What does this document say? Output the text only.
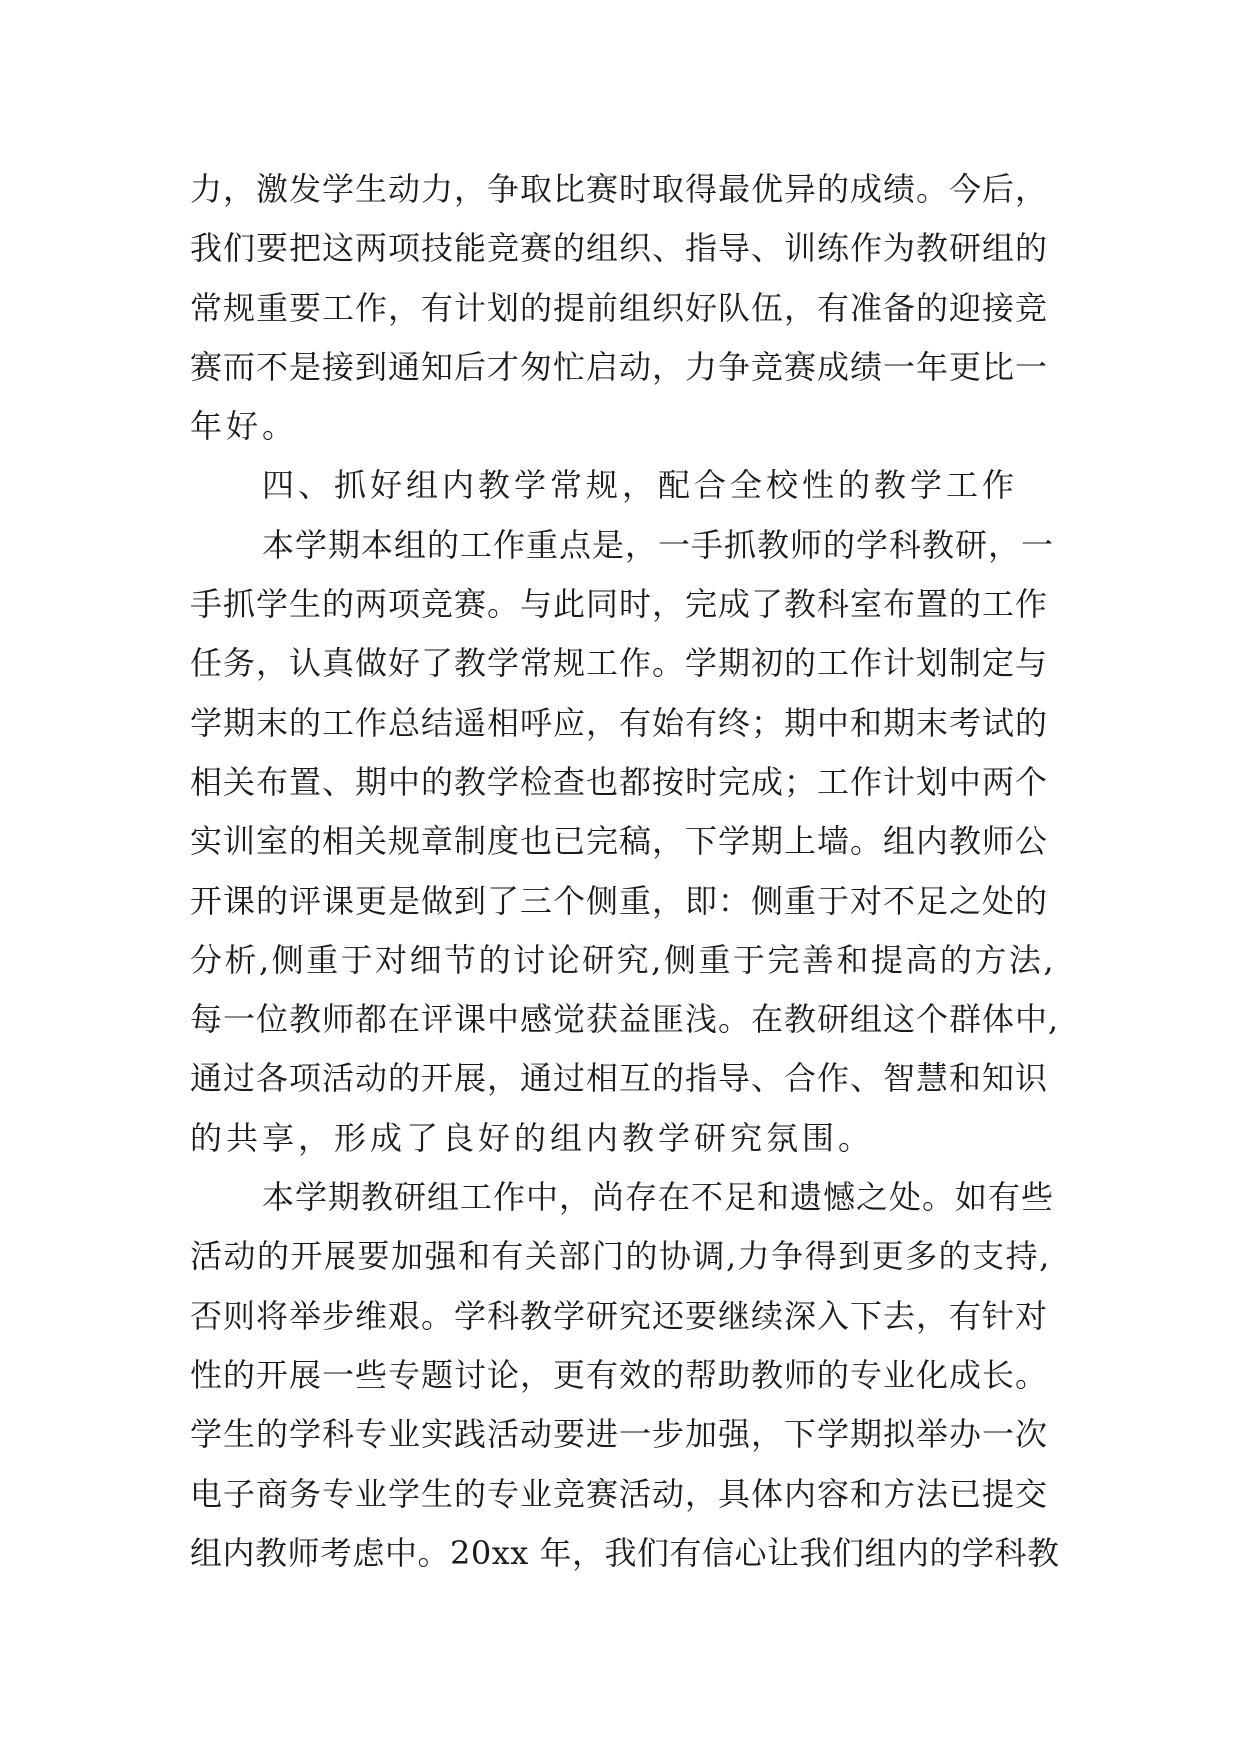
力，激发学生动力，争取比赛时取得最优异的成绩。今后，
我们要把这两项技能竞赛的组织、指导、训练作为教研组的
常规重要工作，有计划的提前组织好队伍，有准备的迎接竞
赛而不是接到通知后才匆忙启动，力争竞赛成绩一年更比一
年好。
四、抓好组内教学常规，配合全校性的教学工作
本学期本组的工作重点是，一手抓教师的学科教研，一
手抓学生的两项竞赛。与此同时，完成了教科室布置的工作
任务，认真做好了教学常规工作。学期初的工作计划制定与
学期末的工作总结遥相呼应，有始有终；期中和期末考试的
相关布置、期中的教学检查也都按时完成；工作计划中两个
实训室的相关规章制度也已完稿，下学期上墙。组内教师公
开课的评课更是做到了三个侧重，即：侧重于对不足之处的
分析,侧重于对细节的讨论研究,侧重于完善和提高的方法,
每一位教师都在评课中感觉获益匪浅。在教研组这个群体中,
通过各项活动的开展，通过相互的指导、合作、智慧和知识
的共享，形成了良好的组内教学研究氛围。
本学期教研组工作中，尚存在不足和遗憾之处。如有些
活动的开展要加强和有关部门的协调,力争得到更多的支持,
否则将举步维艰。学科教学研究还要继续深入下去，有针对
性的开展一些专题讨论，更有效的帮助教师的专业化成长。
学生的学科专业实践活动要进一步加强，下学期拟举办一次
电子商务专业学生的专业竞赛活动，具体内容和方法已提交
组内教师考虑中。20xx 年，我们有信心让我们组内的学科教
